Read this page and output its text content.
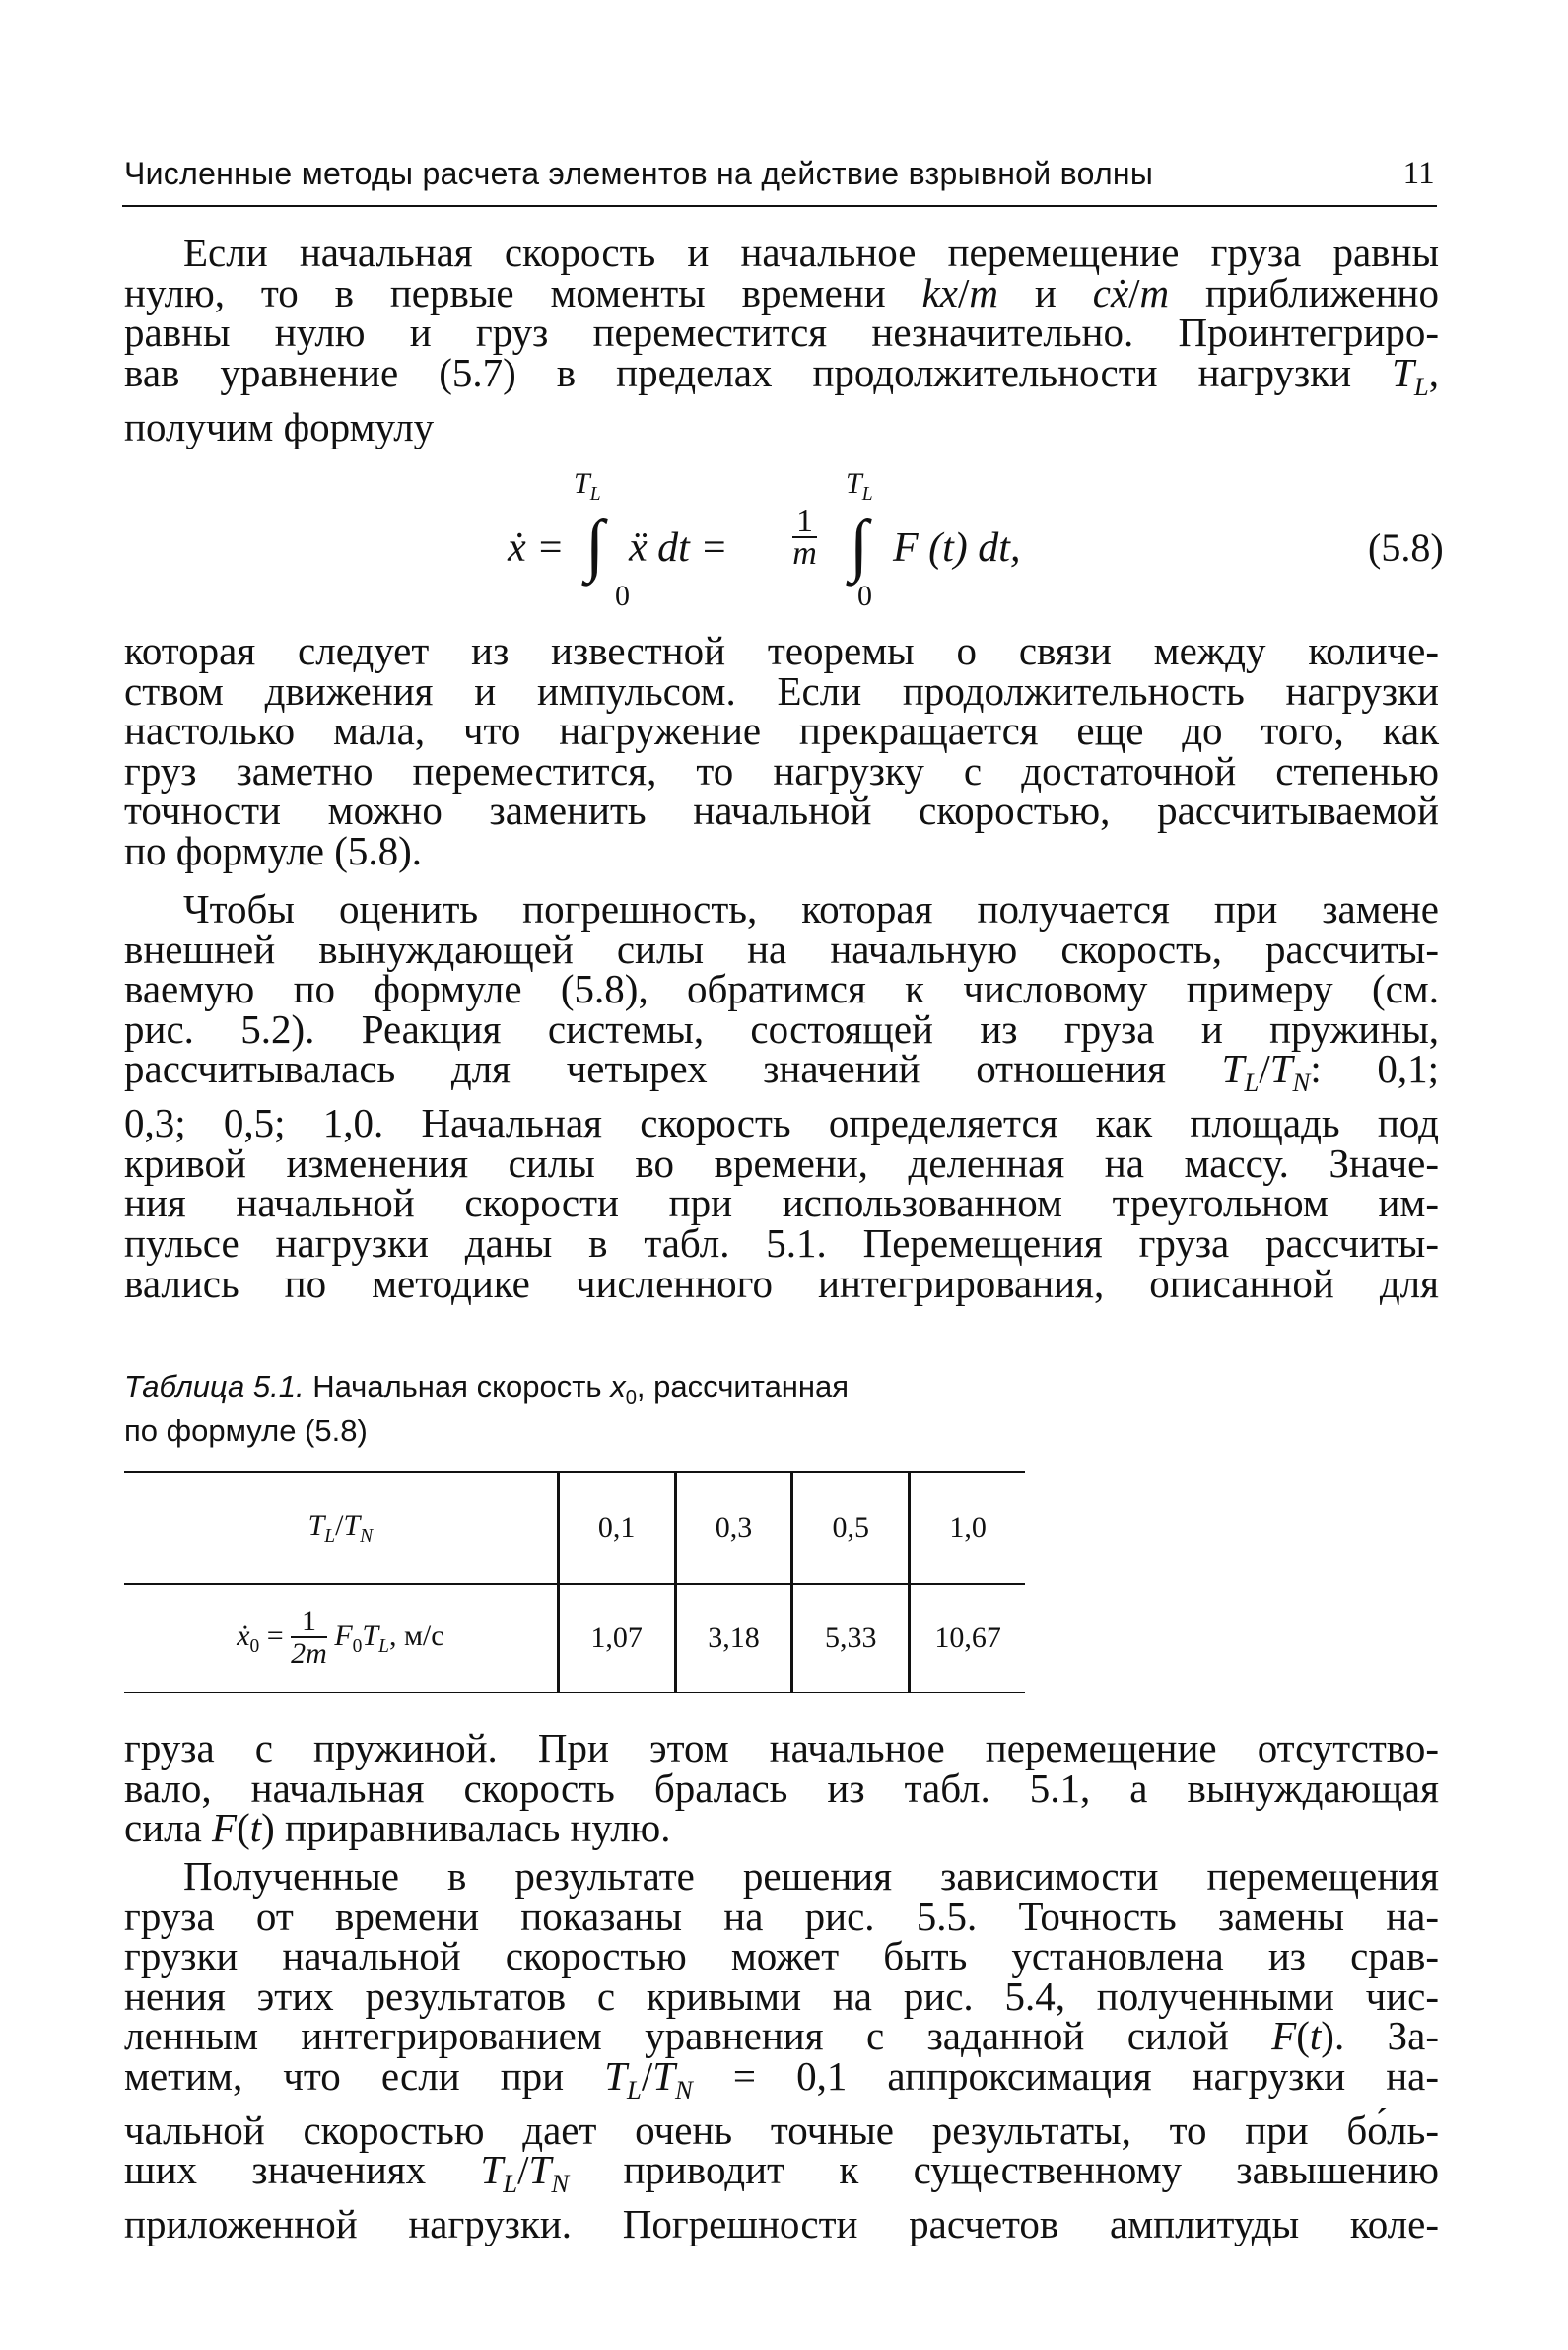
Численные методы расчета элементов на действие взрывной волны	11
Если начальная скорость и начальное перемещение груза равны
нулю, то в первые моменты времени kx/m и cẋ/m приближенно
равны нулю и груз переместится незначительно. Проинтегриро-
вав уравнение (5.7) в пределах продолжительности нагрузки $T_L$,
получим формулу
$T_L$	$T_L$
ẋ = ∫ ẍ dt = $\frac{1}{m}$ ∫ F (t) dt,
0	0
(5.8)
которая следует из известной теоремы о связи между количе-
ством движения и импульсом. Если продолжительность нагрузки
настолько мала, что нагружение прекращается еще до того, как
груз заметно переместится, то нагрузку с достаточной степенью
точности можно заменить начальной скоростью, рассчитываемой
по формуле (5.8).
Чтобы оценить погрешность, которая получается при замене
внешней вынуждающей силы на начальную скорость, рассчиты-
ваемую по формуле (5.8), обратимся к числовому примеру (см.
рис. 5.2). Реакция системы, состоящей из груза и пружины,
рассчитывалась для четырех значений отношения $T_L/T_N$: 0,1;
0,3; 0,5; 1,0. Начальная скорость определяется как площадь под
кривой изменения силы во времени, деленная на массу. Значе-
ния начальной скорости при использованном треугольном им-
пульсе нагрузки даны в табл. 5.1. Перемещения груза рассчиты-
вались по методике численного интегрирования, описанной для
Таблица 5.1. Начальная скорость $x_0$, рассчитанная
по формуле (5.8)
$T_L/T_N$	0,1	0,3	0,5	1,0
ẋ$_0$ = $\frac{1}{2m} F_0T_L$, м/с	1,07	3,18	5,33	10,67
груза с пружиной. При этом начальное перемещение отсутство-
вало, начальная скорость бралась из табл. 5.1, а вынуждающая
сила F(t) приравнивалась нулю.
Полученные в результате решения зависимости перемещения
груза от времени показаны на рис. 5.5. Точность замены на-
грузки начальной скоростью может быть установлена из срав-
нения этих результатов с кривыми на рис. 5.4, полученными чис-
ленным интегрированием уравнения с заданной силой F(t). За-
метим, что если при $T_L/T_N = 0,1$ аппроксимация нагрузки на-
чальной скоростью дает очень точные результаты, то при бо́ль-
ших значениях $T_L/T_N$ приводит к существенному завышению
приложенной нагрузки. Погрешности расчетов амплитуды коле-
